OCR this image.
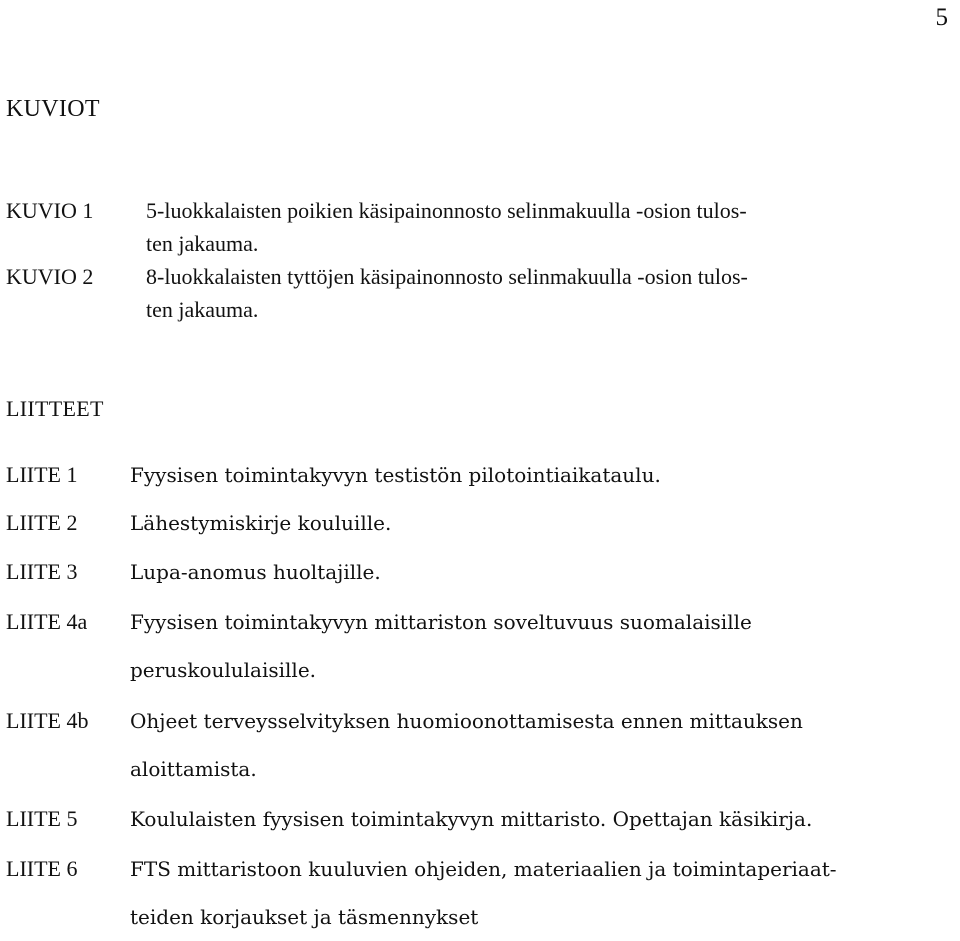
5
KUVIOT
KUVIO 1 5-luokkalaisten poikien käsipainonnosto selinmakuulla -osion tulos-
ten jakauma.
KUVIO 2 8-luokkalaisten tyttöjen käsipainonnosto selinmakuulla -osion tulos-
ten jakauma.
LIITTEET
LIITE 1	Fyysisen toimintakyvyn testistön pilotointiaikataulu.
LIITE 2	Lähestymiskirje kouluille.
LIITE 3	Lupa-anomus huoltajille.
LIITE 4a Fyysisen toimintakyvyn mittariston soveltuvuus suomalaisille
peruskoululaisille.
LIITE 4b Ohjeet terveysselvityksen huomioonottamisesta ennen mittauksen
aloittamista.
LIITE 5	Koululaisten fyysisen toimintakyvyn mittaristo. Opettajan käsikirja.
LIITE 6	FTS mittaristoon kuuluvien ohjeiden, materiaalien ja toimintaperiaat-
teiden korjaukset ja täsmennykset
